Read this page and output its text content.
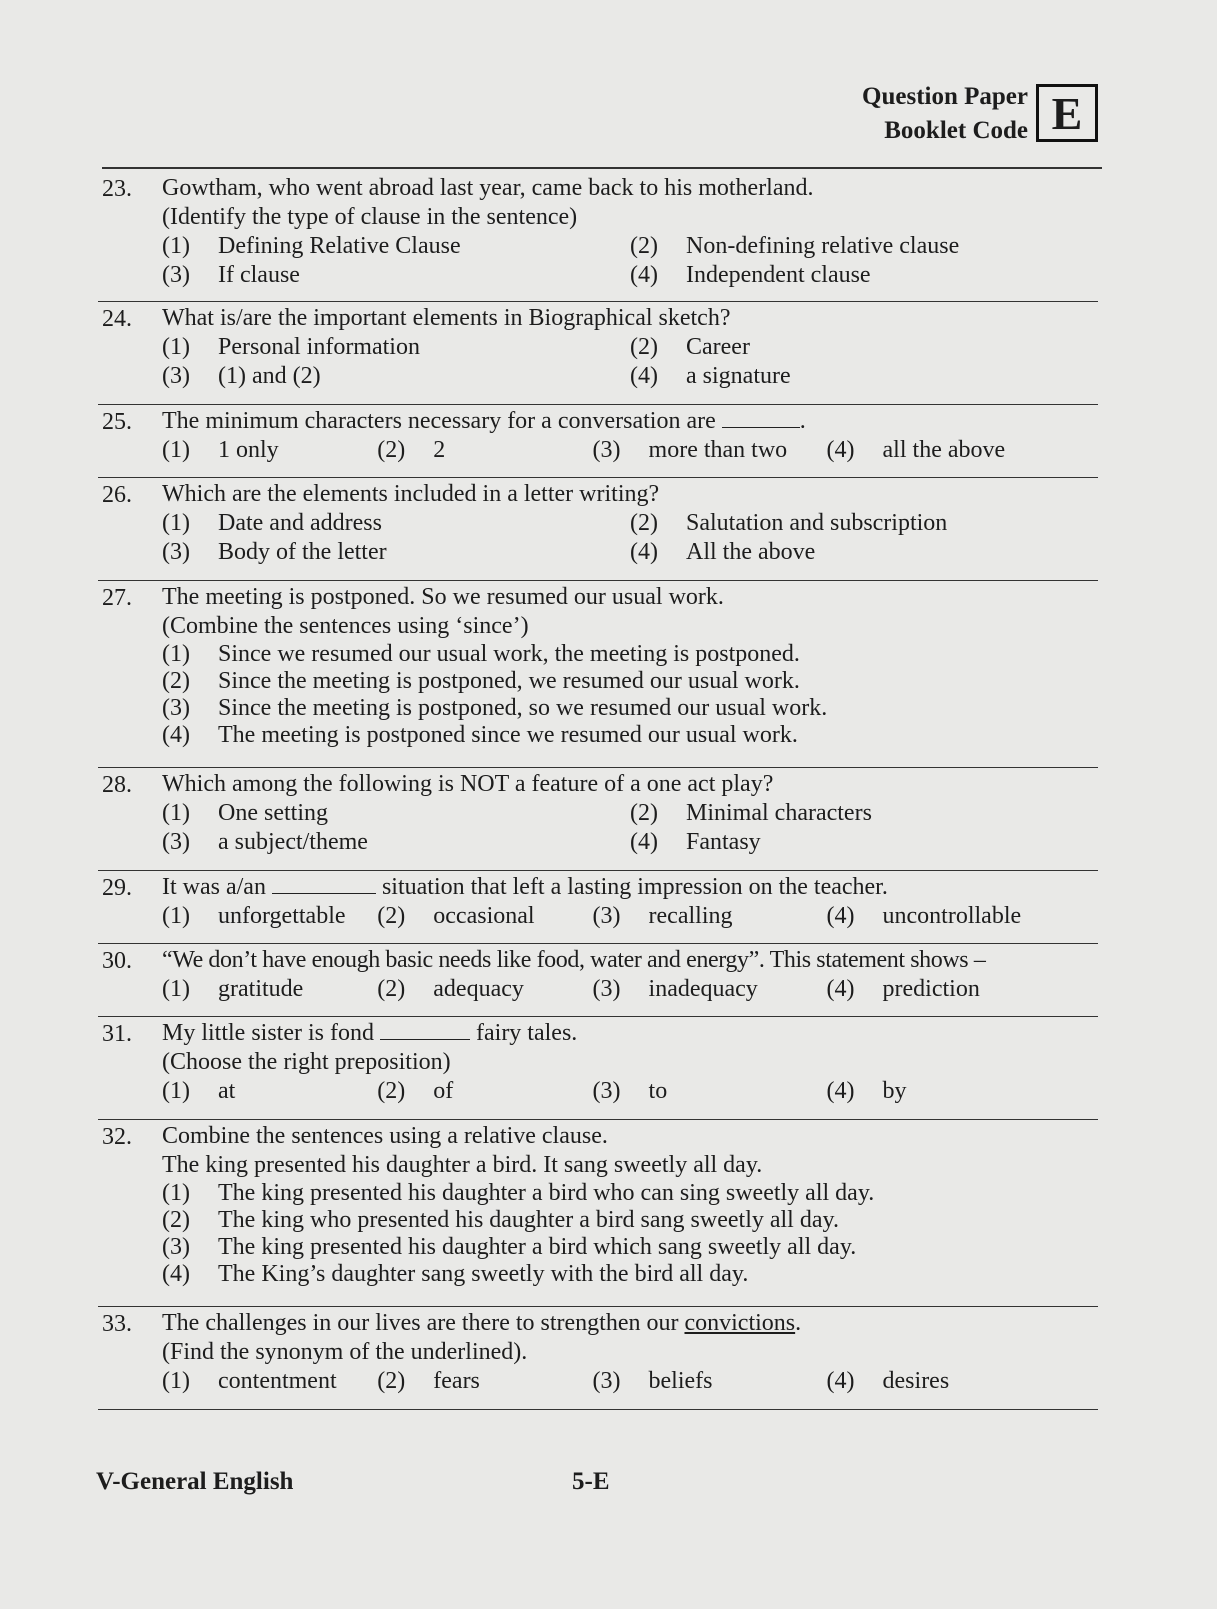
Question Paper
Booklet Code E
23. Gowtham, who went abroad last year, came back to his motherland.
(Identify the type of clause in the sentence)
(1)	Defining Relative Clause	(2)	Non-defining relative clause
(3)	If clause	(4)	Independent clause
24. What is/are the important elements in Biographical sketch?
(1)	Personal information	(2)	Career
(3)	(1) and (2)	(4)	a signature
25. The minimum characters necessary for a conversation are	.
(1)	1 only	(2)	2	(3)	more than two (4)	all the above
26. Which are the elements included in a letter writing?
(1)	Date and address	(2)	Salutation and subscription
(3)	Body of the letter	(4)	All the above
27. The meeting is postponed. So we resumed our usual work.
(Combine the sentences using ‘since’)
(1)	Since we resumed our usual work, the meeting is postponed.
(2)	Since the meeting is postponed, we resumed our usual work.
(3)	Since the meeting is postponed, so we resumed our usual work.
(4)	The meeting is postponed since we resumed our usual work.
28. Which among the following is NOT a feature of a one act play?
(1)	One setting	(2)	Minimal characters
(3)	a subject/theme	(4)	Fantasy
29. It was a/an	situation that left a lasting impression on the teacher.
(1)	unforgettable (2)	occasional (3)	recalling	(4)	uncontrollable
30. “We don’t have enough basic needs like food, water and energy”. This statement shows –
(1)	gratitude	(2)	adequacy	(3)	inadequacy	(4)	prediction
31. My little sister is fond	fairy tales.
(Choose the right preposition)
(1)	at	(2)	of	(3)	to	(4)	by
32. Combine the sentences using a relative clause.
The king presented his daughter a bird. It sang sweetly all day.
(1)	The king presented his daughter a bird who can sing sweetly all day.
(2)	The king who presented his daughter a bird sang sweetly all day.
(3)	The king presented his daughter a bird which sang sweetly all day.
(4)	The King’s daughter sang sweetly with the bird all day.
33. The challenges in our lives are there to strengthen our convictions.
(Find the synonym of the underlined).
(1)	contentment (2)	fears	(3)	beliefs	(4)	desires
V-General English	5-E
